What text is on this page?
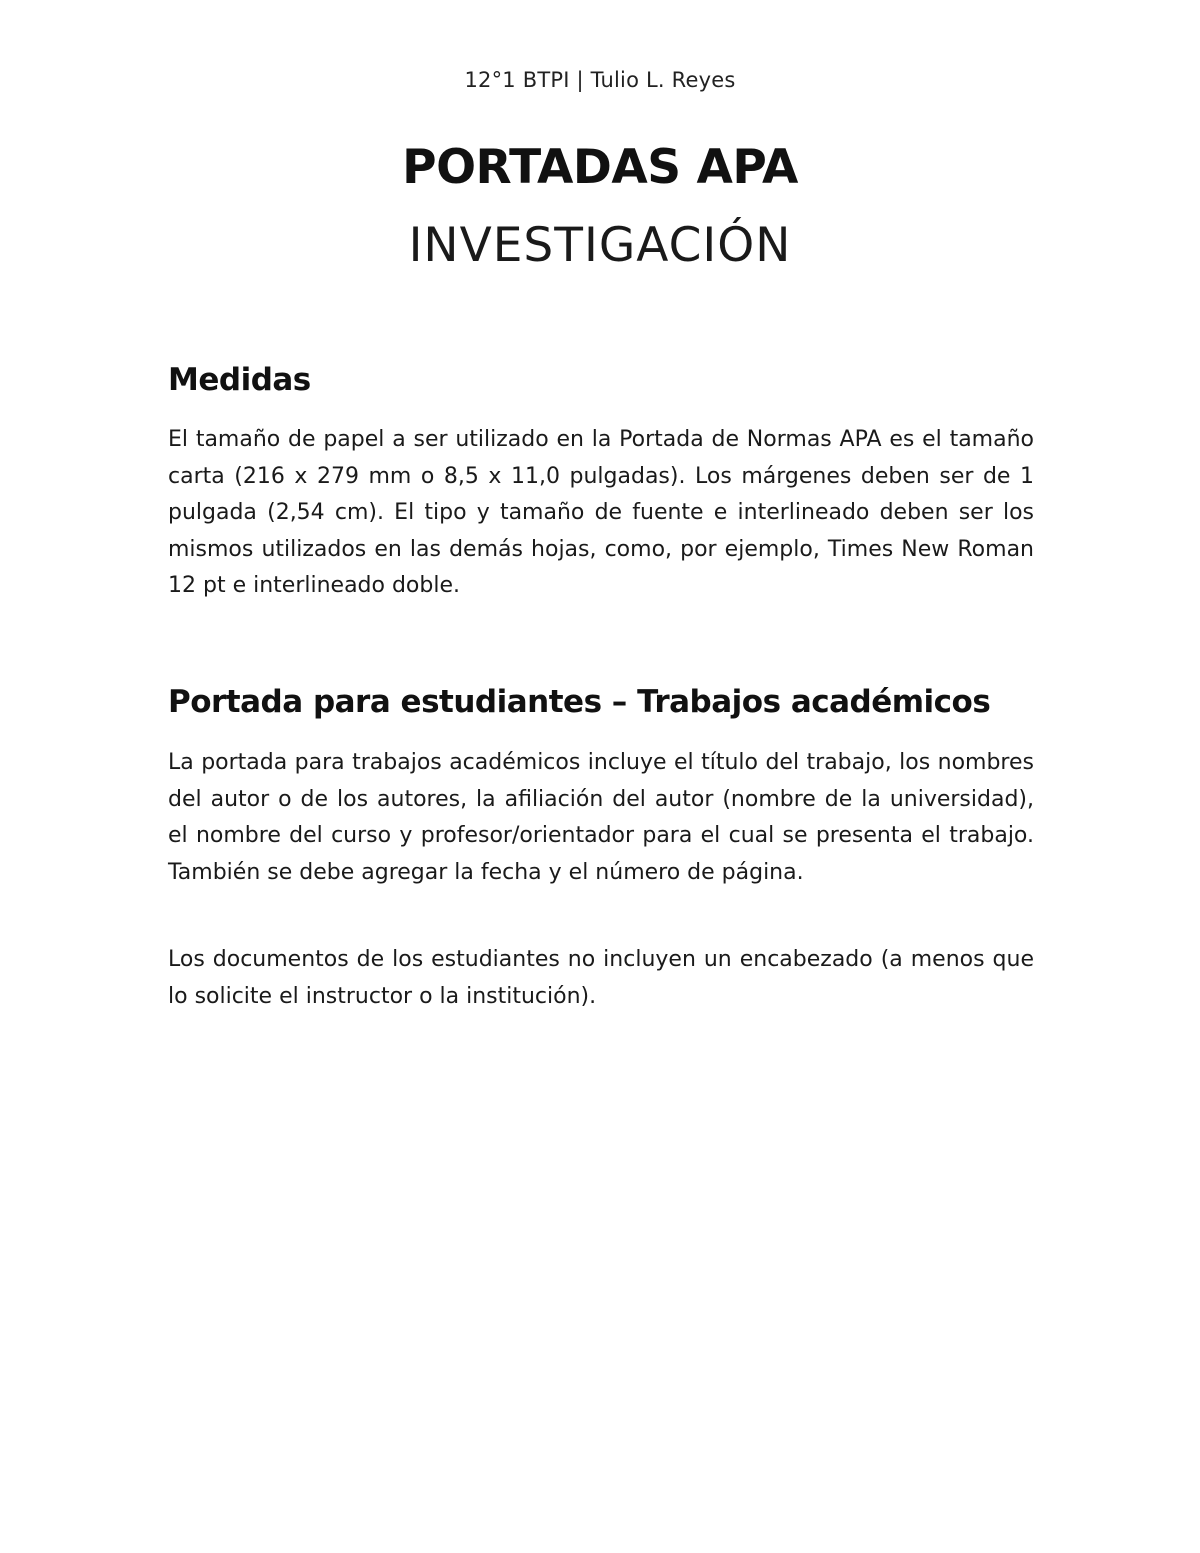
12°1 BTPI | Tulio L. Reyes
PORTADAS APA
INVESTIGACIÓN
Medidas

El tamaño de papel a ser utilizado en la Portada de Normas APA es el tamaño carta (216 x 279 mm o 8,5 x 11,0 pulgadas). Los márgenes deben ser de 1 pulgada (2,54 cm). El tipo y tamaño de fuente e interlineado deben ser los mismos utilizados en las demás hojas, como, por ejemplo, Times New Roman 12 pt e interlineado doble.

Portada para estudiantes – Trabajos académicos

La portada para trabajos académicos incluye el título del trabajo, los nombres del autor o de los autores, la afiliación del autor (nombre de la universidad), el nombre del curso y profesor/orientador para el cual se presenta el trabajo. También se debe agregar la fecha y el número de página.

Los documentos de los estudiantes no incluyen un encabezado (a menos que lo solicite el instructor o la institución).
